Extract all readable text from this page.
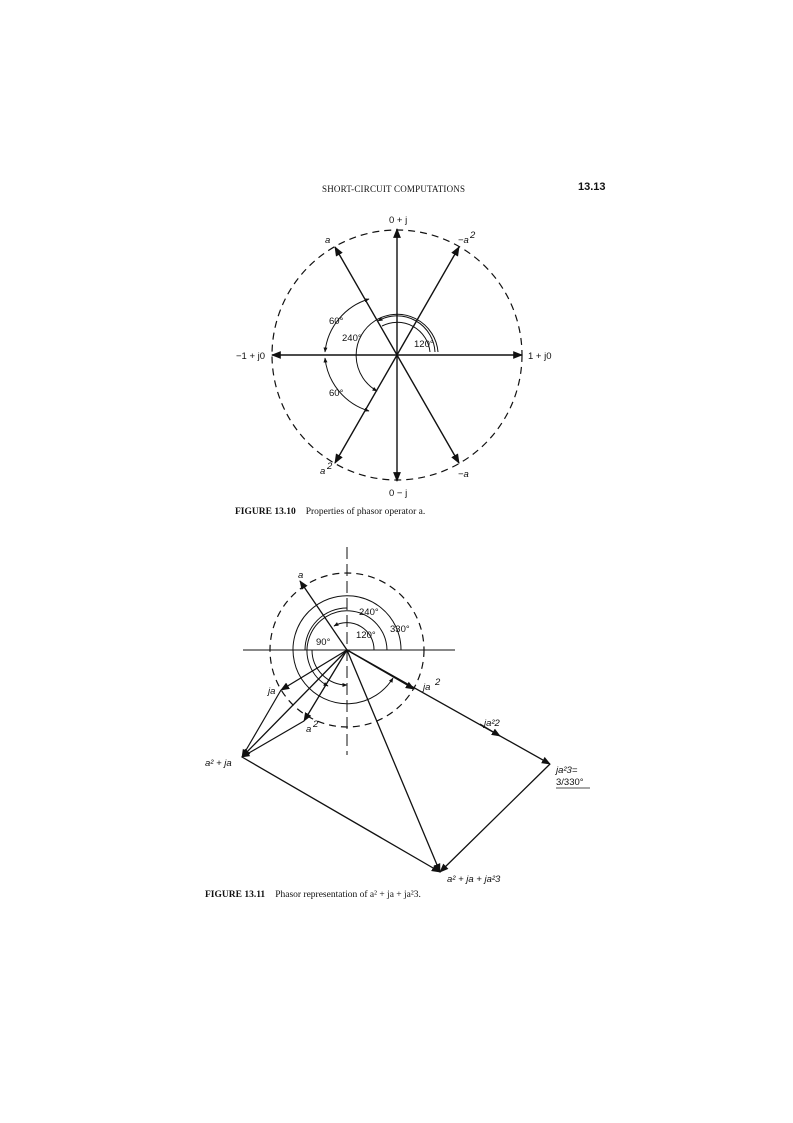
SHORT-CIRCUIT COMPUTATIONS	13.13
0 + j
0 − j
−1 + j0	1 + j0
a	−a 2
a 2
−a
60°
240°
120°
60°
a
240°
330°
120°
90°
ja
a 2
ja 2
ja²2
ja²3=
3/330°
a² + ja
a² + ja + ja²3
FIGURE 13.10 Properties of phasor operator a.
FIGURE 13.11 Phasor representation of a² + ja + ja²3.
